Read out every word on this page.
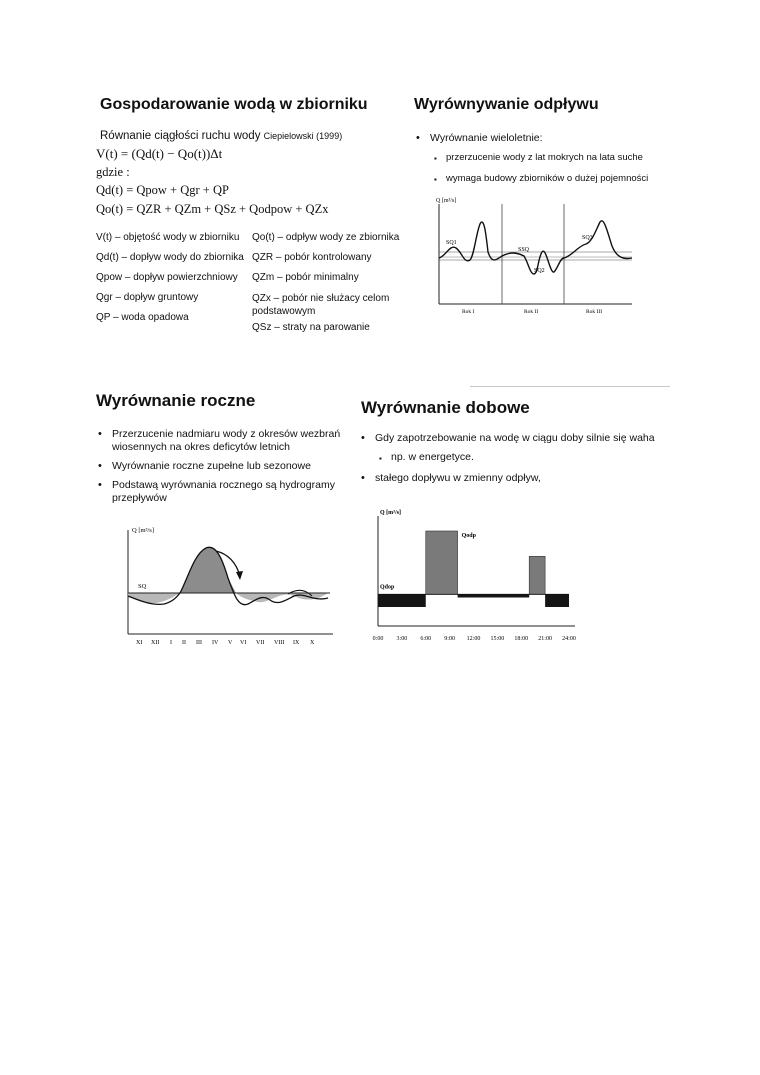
Gospodarowanie wodą w zbiorniku
Równanie ciągłości ruchu wody Ciepielowski (1999)
V(t) = (Qd(t) − Qo(t))Δt
gdzie :
Qd(t) = Qpow + Qgr + QP
Qo(t) = QZR + QZm + QSz + Qodpow + QZx
V(t) – objętość wody w zbiorniku
Qd(t) – dopływ wody do zbiornika
Qpow – dopływ powierzchniowy
Qgr – dopływ gruntowy
QP – woda opadowa
Qo(t) – odpływ wody ze zbiornika
QZR – pobór kontrolowany
QZm – pobór minimalny
QZx – pobór nie służacy celom podstawowym
QSz – straty na parowanie
Wyrównywanie odpływu
• Wyrównanie wieloletnie:
▪ przerzucenie wody z lat mokrych na lata suche
▪ wymaga budowy zbiorników o dużej pojemności
Q [m³/s]
SQ1
SSQ
SQ2
SQ3
Rok I	Rok II	Rok III
Wyrównanie roczne
• Przerzucenie nadmiaru wody z okresów wezbrań wiosennych na okres deficytów letnich
• Wyrównanie roczne zupełne lub sezonowe
• Podstawą wyrównania rocznego są hydrogramy przepływów
Q [m³/s]
SQ
XI XII I II III IV V VI VII VIII IX X
Wyrównanie dobowe
• Gdy zapotrzebowanie na wodę w ciągu doby silnie się waha
▪ np. w energetyce.
• stałego dopływu w zmienny odpływ,
Q [m³/s]
Qdop
Qodp
0:00 3:00 6:00 9:00 12:00 15:00 18:00 21:00 24:00
